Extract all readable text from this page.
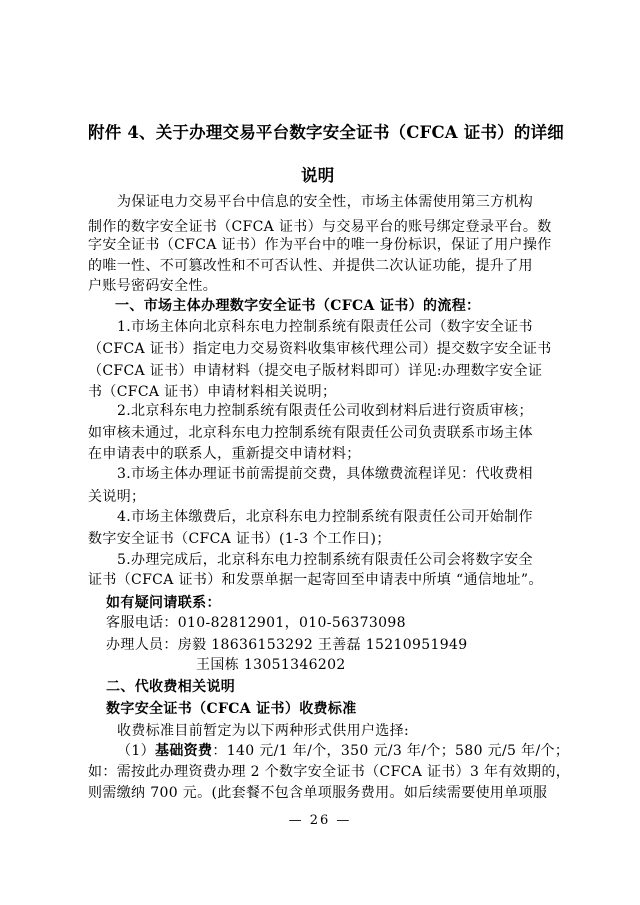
附件 4、关于办理交易平台数字安全证书（CFCA 证书）的详细
说明
为保证电力交易平台中信息的安全性，市场主体需使用第三方机构
制作的数字安全证书（CFCA 证书）与交易平台的账号绑定登录平台。数
字安全证书（CFCA 证书）作为平台中的唯一身份标识，保证了用户操作
的唯一性、不可篡改性和不可否认性、并提供二次认证功能，提升了用
户账号密码安全性。
一、市场主体办理数字安全证书（CFCA 证书）的流程：
1.市场主体向北京科东电力控制系统有限责任公司（数字安全证书
（CFCA 证书）指定电力交易资料收集审核代理公司）提交数字安全证书
（CFCA 证书）申请材料（提交电子版材料即可）详见:办理数字安全证
书（CFCA 证书）申请材料相关说明；
2.北京科东电力控制系统有限责任公司收到材料后进行资质审核；
如审核未通过，北京科东电力控制系统有限责任公司负责联系市场主体
在申请表中的联系人，重新提交申请材料；
3.市场主体办理证书前需提前交费，具体缴费流程详见：代收费相
关说明；
4.市场主体缴费后，北京科东电力控制系统有限责任公司开始制作
数字安全证书（CFCA 证书）(1-3 个工作日)；
5.办理完成后，北京科东电力控制系统有限责任公司会将数字安全
证书（CFCA 证书）和发票单据一起寄回至申请表中所填 “通信地址”。
如有疑问请联系：
客服电话：010-82812901，010-56373098
办理人员：房毅 18636153292 王善磊 15210951949
王国栋 13051346202
二、代收费相关说明
数字安全证书（CFCA 证书）收费标准
收费标准目前暂定为以下两种形式供用户选择:
（1）基础资费：140 元/1 年/个，350 元/3 年/个；580 元/5 年/个；
如：需按此办理资费办理 2 个数字安全证书（CFCA 证书）3 年有效期的，
则需缴纳 700 元。(此套餐不包含单项服务费用。如后续需要使用单项服
— 26 —
